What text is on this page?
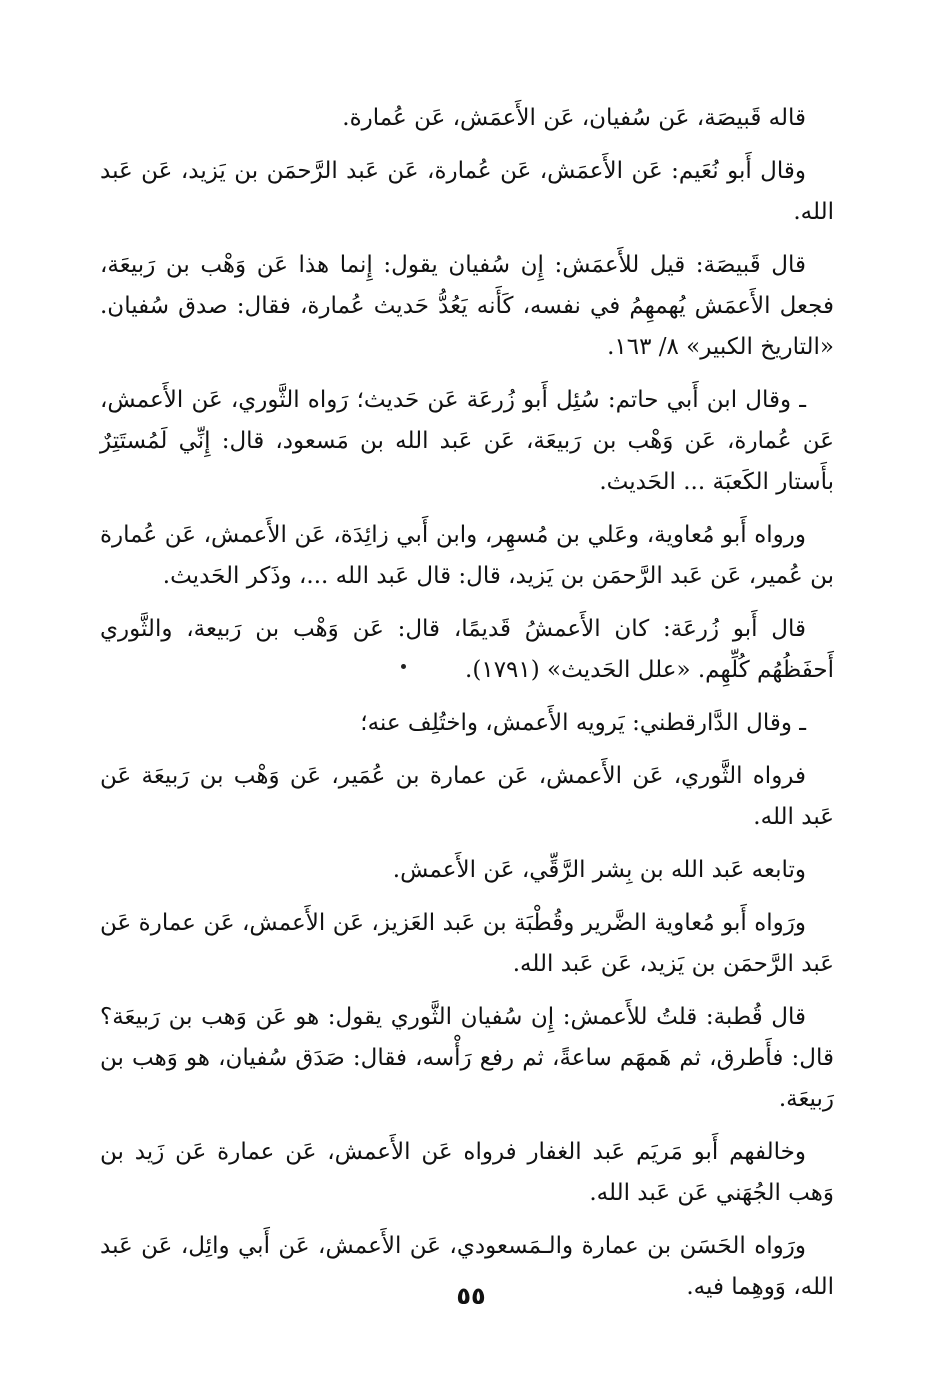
قاله قَبيصَة، عَن سُفيان، عَن الأَعمَش، عَن عُمارة.

وقال أَبو نُعَيم: عَن الأَعمَش، عَن عُمارة، عَن عَبد الرَّحمَن بن يَزيد، عَن عَبد الله.

قال قَبيصَة: قيل للأَعمَش: إِن سُفيان يقول: إِنما هذا عَن وَهْب بن رَبيعَة، فجعل الأَعمَش يُهمهِمُ في نفسه، كَأَنه يَعُدُّ حَديث عُمارة، فقال: صدق سُفيان. «التاريخ الكبير» ٨/ ١٦٣.

ـ وقال ابن أَبي حاتم: سُئِل أَبو زُرعَة عَن حَديث؛ رَواه الثَّوري، عَن الأَعمش، عَن عُمارة، عَن وَهْب بن رَبيعَة، عَن عَبد الله بن مَسعود، قال: إِنِّي لَمُستَتِرٌ بأَستار الكَعبَة ... الحَديث.

ورواه أَبو مُعاوية، وعَلي بن مُسهِر، وابن أَبي زائِدَة، عَن الأَعمش، عَن عُمارة بن عُمير، عَن عَبد الرَّحمَن بن يَزيد، قال: قال عَبد الله ...، وذَكر الحَديث.

قال أَبو زُرعَة: كان الأَعمشُ قَديمًا، قال: عَن وَهْب بن رَبيعة، والثَّوري أَحفَظُهُم كُلِّهِم. «علل الحَديث» (١٧٩١).

ـ وقال الدَّارقطني: يَرويه الأَعمش، واختُلِف عنه؛

فرواه الثَّوري، عَن الأَعمش، عَن عمارة بن عُمَير، عَن وَهْب بن رَبيعَة عَن عَبد الله.

وتابعه عَبد الله بن بِشر الرَّقِّي، عَن الأَعمش.

ورَواه أَبو مُعاوية الضَّرير وقُطْبَة بن عَبد العَزيز، عَن الأَعمش، عَن عمارة عَن عَبد الرَّحمَن بن يَزيد، عَن عَبد الله.

قال قُطبة: قلتُ للأَعمش: إِن سُفيان الثَّوري يقول: هو عَن وَهب بن رَبيعَة؟ قال: فأَطرق، ثم هَمهَم ساعةً، ثم رفع رَأْسه، فقال: صَدَق سُفيان، هو وَهب بن رَبيعَة.

وخالفهم أَبو مَريَم عَبد الغفار فرواه عَن الأَعمش، عَن عمارة عَن زَيد بن وَهب الجُهَني عَن عَبد الله.

ورَواه الحَسَن بن عمارة والـمَسعودي، عَن الأَعمش، عَن أَبي وائِل، عَن عَبد الله، وَوهِما فيه.

٥٥
